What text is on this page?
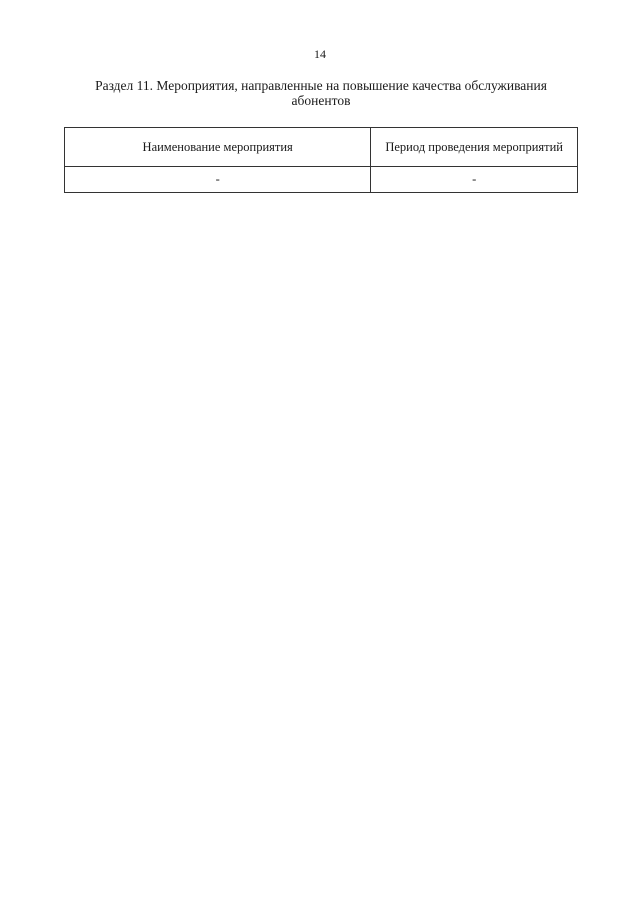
14
Раздел 11. Мероприятия, направленные на повышение качества обслуживания
абонентов
Наименование мероприятия	Период проведения мероприятий
-	-
